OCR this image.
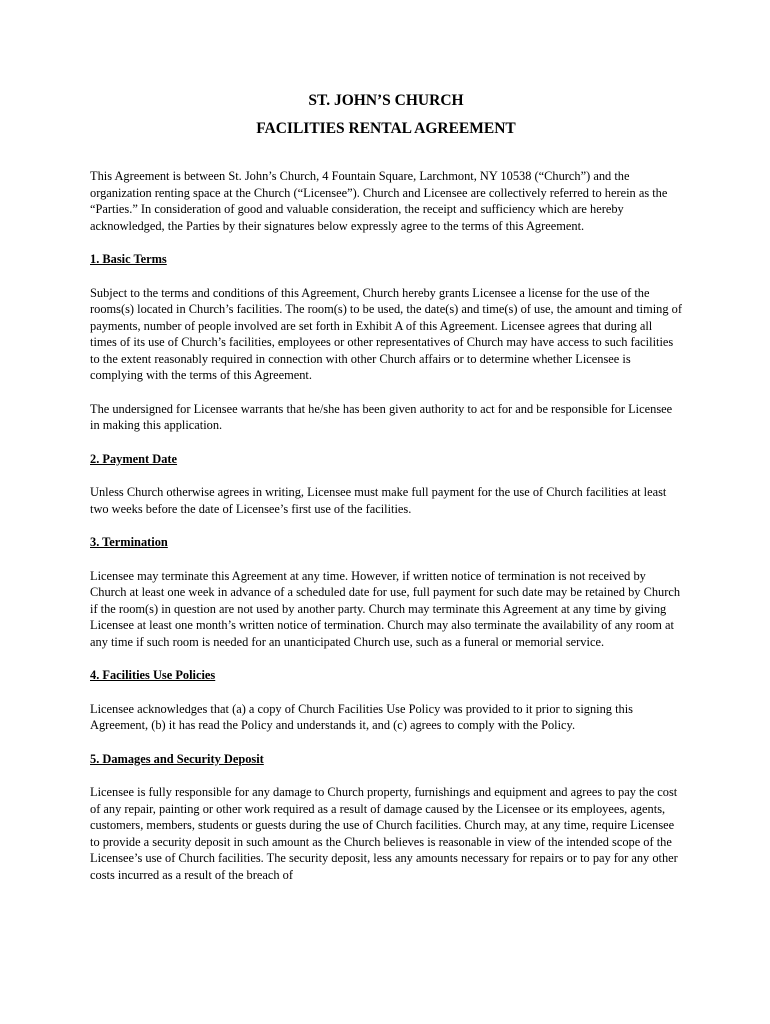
ST. JOHN’S CHURCH
FACILITIES RENTAL AGREEMENT

This Agreement is between St. John’s Church, 4 Fountain Square, Larchmont, NY 10538 (“Church”) and the organization renting space at the Church (“Licensee”). Church and Licensee are collectively referred to herein as the “Parties.” In consideration of good and valuable consideration, the receipt and sufficiency which are hereby acknowledged, the Parties by their signatures below expressly agree to the terms of this Agreement.

1. Basic Terms

Subject to the terms and conditions of this Agreement, Church hereby grants Licensee a license for the use of the rooms(s) located in Church’s facilities. The room(s) to be used, the date(s) and time(s) of use, the amount and timing of payments, number of people involved are set forth in Exhibit A of this Agreement. Licensee agrees that during all times of its use of Church’s facilities, employees or other representatives of Church may have access to such facilities to the extent reasonably required in connection with other Church affairs or to determine whether Licensee is complying with the terms of this Agreement.

The undersigned for Licensee warrants that he/she has been given authority to act for and be responsible for Licensee in making this application.

2. Payment Date

Unless Church otherwise agrees in writing, Licensee must make full payment for the use of Church facilities at least two weeks before the date of Licensee’s first use of the facilities.

3. Termination

Licensee may terminate this Agreement at any time. However, if written notice of termination is not received by Church at least one week in advance of a scheduled date for use, full payment for such date may be retained by Church if the room(s) in question are not used by another party. Church may terminate this Agreement at any time by giving Licensee at least one month’s written notice of termination. Church may also terminate the availability of any room at any time if such room is needed for an unanticipated Church use, such as a funeral or memorial service.

4. Facilities Use Policies

Licensee acknowledges that (a) a copy of Church Facilities Use Policy was provided to it prior to signing this Agreement, (b) it has read the Policy and understands it, and (c) agrees to comply with the Policy.

5. Damages and Security Deposit

Licensee is fully responsible for any damage to Church property, furnishings and equipment and agrees to pay the cost of any repair, painting or other work required as a result of damage caused by the Licensee or its employees, agents, customers, members, students or guests during the use of Church facilities. Church may, at any time, require Licensee to provide a security deposit in such amount as the Church believes is reasonable in view of the intended scope of the Licensee’s use of Church facilities. The security deposit, less any amounts necessary for repairs or to pay for any other costs incurred as a result of the breach of
